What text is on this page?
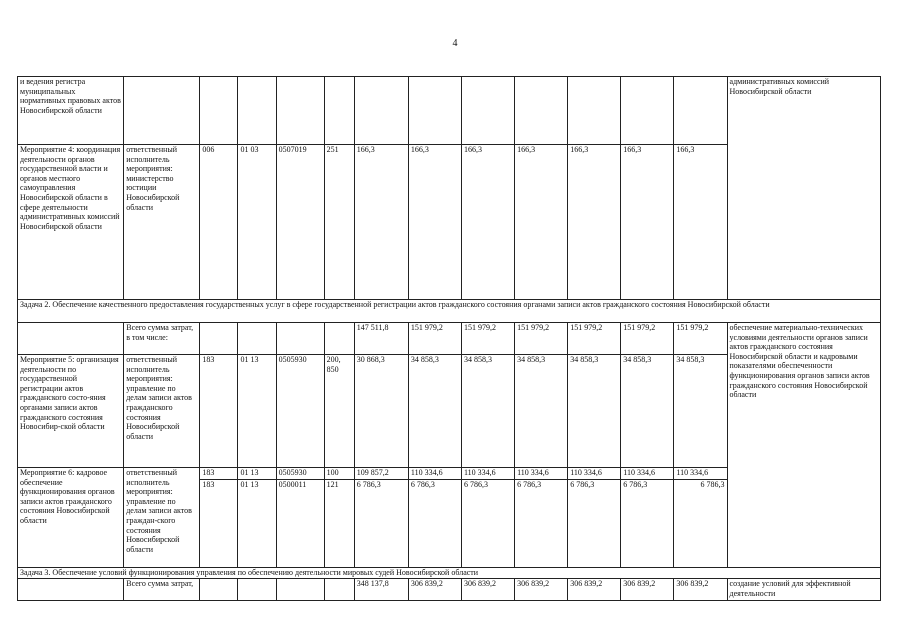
4
и ведения регистра муниципальных нормативных правовых актов Новосибирской области													административных комиссий Новосибирской области
Мероприятие 4: координация деятельности органов государственной власти и органов местного самоуправления Новосибирской области в сфере деятельности административных комиссий Новосибирской области	ответственный исполнитель мероприятия: министерство юстиции Новосибирской области	006	01 03	0507019	251	166,3	166,3	166,3	166,3	166,3	166,3	166,3	
Задача 2. Обеспечение качественного предоставления государственных услуг в сфере государственной регистрации актов гражданского состояния органами записи актов гражданского состояния Новосибирской области													
	Всего сумма затрат, в том числе:					147 511,8	151 979,2	151 979,2	151 979,2	151 979,2	151 979,2	151 979,2	обеспечение материально-технических условиями деятельности органов записи актов гражданского состояния Новосибирской области и кадровыми показателями обеспеченности функционирования органов записи актов гражданского состояния Новосибирской области
Мероприятие 5: организация деятельности по государственной регистрации актов гражданского состо-яния органами записи актов гражданского состояния Новосибир-ской области	ответственный исполнитель мероприятия: управление по делам записи актов гражданского состояния Новосибирской области	183	01 13	0505930	200, 850	30 868,3	34 858,3	34 858,3	34 858,3	34 858,3	34 858,3	34 858,3	
Мероприятие 6: кадровое обеспечение функционирования органов записи актов гражданского состояния Новосибирской области	ответственный исполнитель мероприятия: управление по делам записи актов граждан-ского состояния Новосибирской области	183	01 13	0505930	100	109 857,2	110 334,6	110 334,6	110 334,6	110 334,6	110 334,6	110 334,6	
		183	01 13	0500011	121	6 786,3	6 786,3	6 786,3	6 786,3	6 786,3	6 786,3	6 786,3	
Задача 3. Обеспечение условий функционирования управления по обеспечению деятельности мировых судей Новосибирской области													
	Всего сумма затрат,					348 137,8	306 839,2	306 839,2	306 839,2	306 839,2	306 839,2	306 839,2	создание условий для эффективной деятельности
